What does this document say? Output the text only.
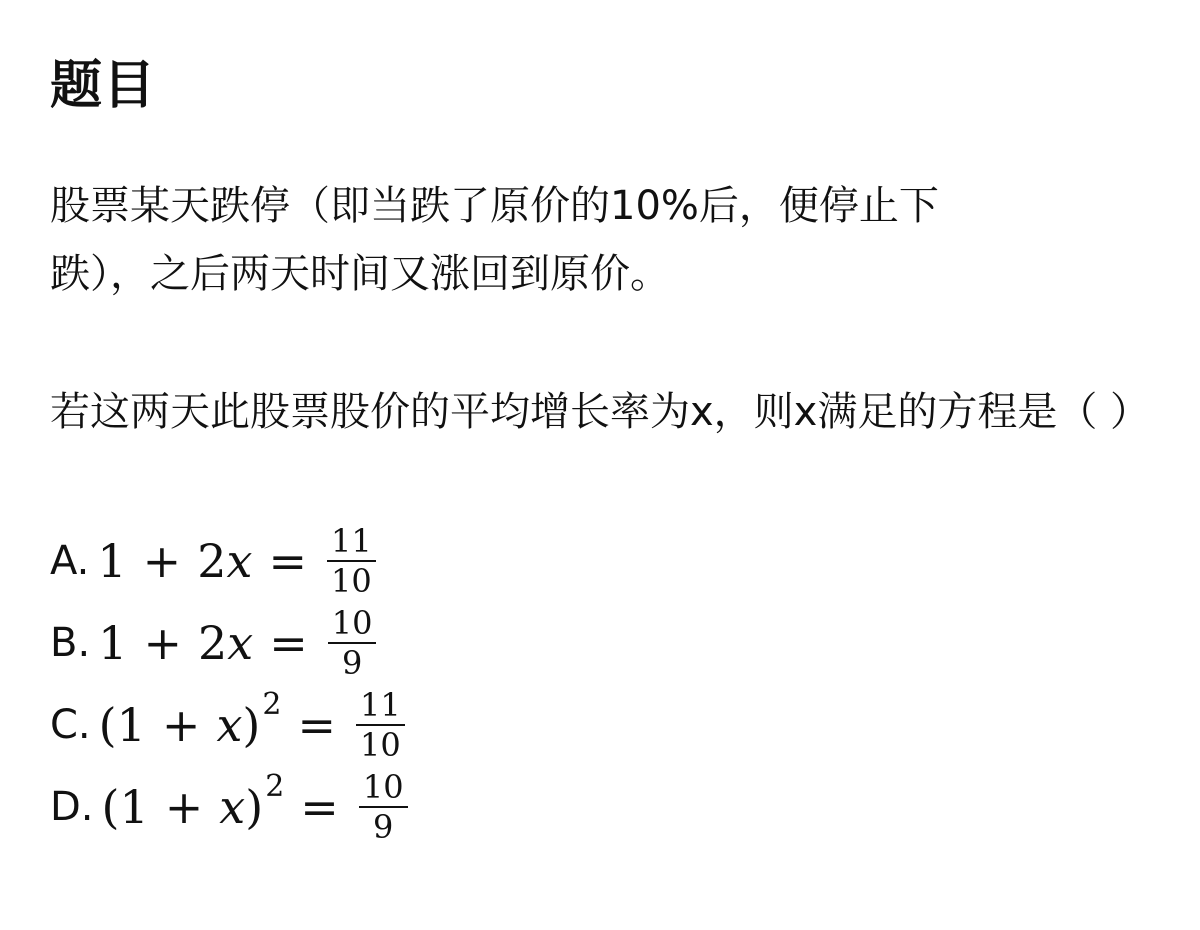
题目

股票某天跌停（即当跌了原价的10%后，便停止下
跌），之后两天时间又涨回到原价。

若这两天此股票股价的平均增长率为x，则x满足的方程是（ ）

A. 1 + 2 $x = \frac{11}{10}$
B. 1 + 2 $x = \frac{10}{9}$
C. ( 1 + x ) $2 = \frac{11}{10}$
D. ( 1 + x ) $2 = \frac{10}{9}$
